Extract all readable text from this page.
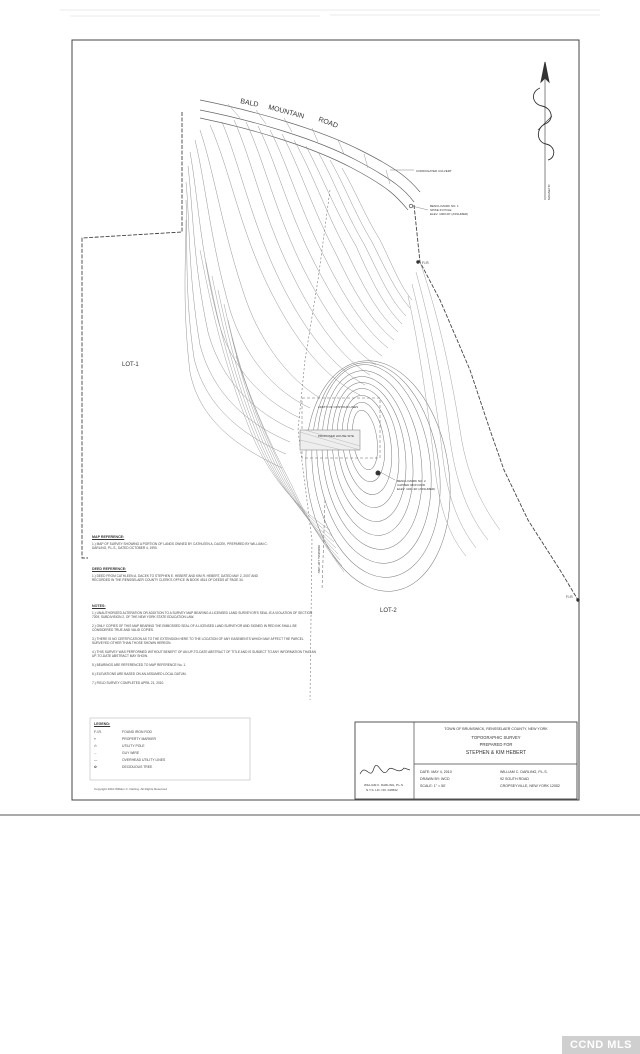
BALD
MOUNTAIN
ROAD
CORRUGATED CULVERT
BENCH MARK NO. 1
SPIKE IN POLE
ELEV. 1000.00' (ASSUMED)
F.I.R.
F.I.R.
LIMITS OF CONTOUR LINES
PROPOSED HOUSE SITE
BENCH MARK NO. 2
CAPPED IRON ROD
ELEV. 1041.90' (ASSUMED)
ORIGINAL LOT LINE
LOT-1
LOT-2
MAGNETIC
MAP REFERENCE:

1.) MAP OF SURVEY SHOWING A PORTION OF LANDS OWNED BY CATHLEEN A. DACEK, PREPARED BY WILLIAM C. DARLING, P.L.S., DATED OCTOBER 4, 1990.

DEED REFERENCE:

1.) DEED FROM CATHLEEN A. DACEK TO STEPHEN E. HEBERT AND KIM R. HEBERT, DATED MAY 2, 2007 AND RECORDED IN THE RENSSELAER COUNTY CLERK'S OFFICE IN BOOK 4514 OF DEEDS AT PAGE 34.

NOTES:

1.) UNAUTHORIZED ALTERATION OR ADDITION TO A SURVEY MAP BEARING A LICENSED LAND SURVEYOR'S SEAL IS A VIOLATION OF SECTION 7209, SUBDIVISION 2, OF THE NEW YORK STATE EDUCATION LAW.

2.) ONLY COPIES OF THIS MAP BEARING THE EMBOSSED SEAL OF A LICENSED LAND SURVEYOR AND SIGNED IN RED INK SHALL BE CONSIDERED TRUE AND VALID COPIES.

3.) THERE IS NO CERTIFICATION AS TO THE EXTENSION HERE TO THE LOCATION OF ANY EASEMENTS WHICH MAY AFFECT THE PARCEL SURVEYED OTHER THAN THOSE SHOWN HEREON.

4.) THIS SURVEY WAS PERFORMED WITHOUT BENEFIT OF AN UP-TO-DATE ABSTRACT OF TITLE AND IS SUBJECT TO ANY INFORMATION THAT AN UP-TO-DATE ABSTRACT MAY SHOW.

5.) BEARINGS ARE REFERENCED TO MAP REFERENCE No. 1.

6.) ELEVATIONS ARE BASED ON AN ASSUMED LOCAL DATUM.

7.) FIELD SURVEY COMPLETED APRIL 21, 2010.

LEGEND:
F.I.R.	FOUND IRON ROD
⌖	PROPERTY MARKER
⊙	UTILITY POLE
←	GUY WIRE
—	OVERHEAD UTILITY LINES
✿	DECIDUOUS TREE
Copyright 2010 William C. Darling. All Rights Reserved
TOWN OF BRUNSWICK, RENSSELAER COUNTY, NEW YORK
TOPOGRAPHIC SURVEY
PREPARED FOR
STEPHEN & KIM HEBERT
DATE: MAY 4, 2010
DRAWN BY: WCD
SCALE: 1" = 50'
WILLIAM C. DARLING, P.L.S.
92 SOUTH ROAD
CROPSEYVILLE, NEW YORK 12052
WILLIAM C. DARLING, P.L.S.
N.Y.S. LIC. NO. 049532
CCND MLS
